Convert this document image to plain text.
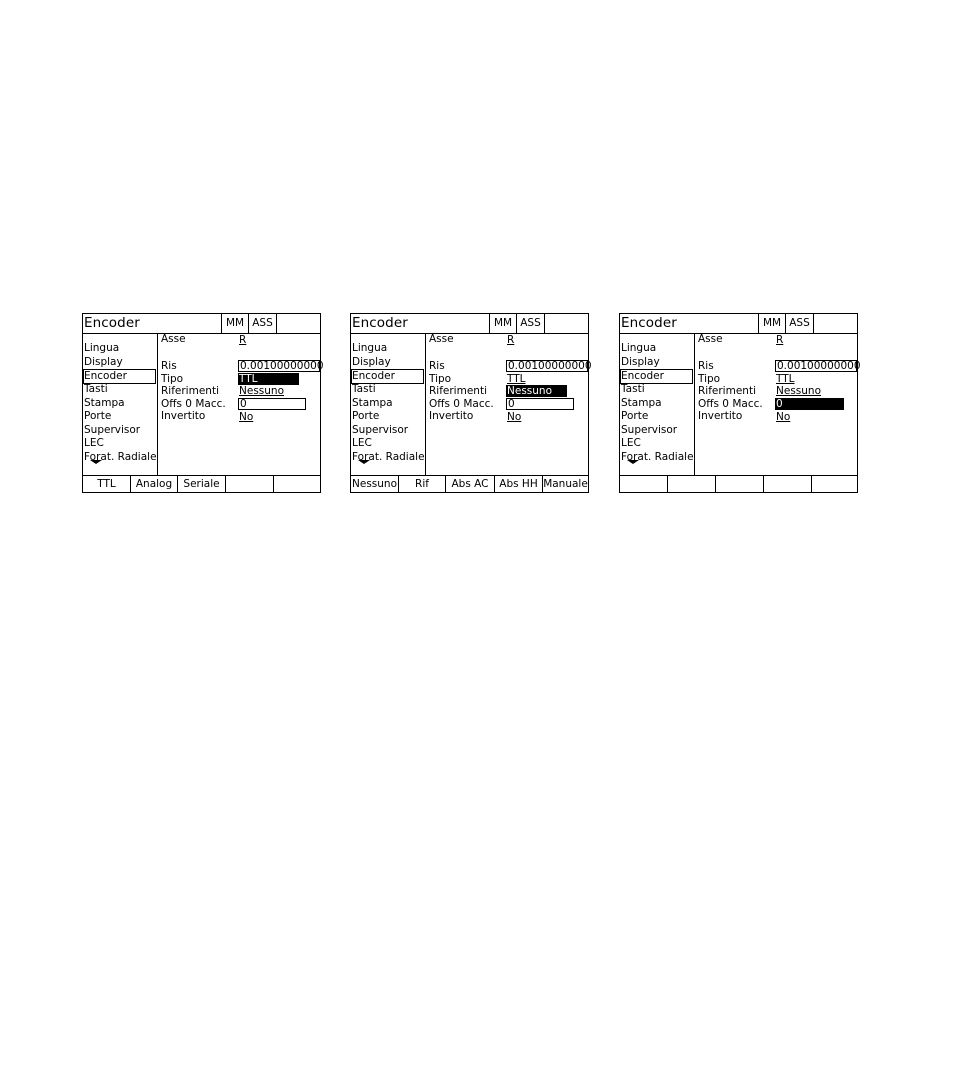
Encoder	MM ASS
Lingua
Display
Encoder
Tasti
Stampa
Porte
Supervisor
LEC
Forat. Radiale
Asse	R
Ris	0.00100000000
Tipo	TTL
Riferimenti Nessuno
Offs 0 Macc. 0
Invertito	No
TTL	Analog	Seriale
Encoder	MM ASS
Lingua
Display
Encoder
Tasti
Stampa
Porte
Supervisor
LEC
Forat. Radiale
Asse	R
Ris	0.00100000000
Tipo	TTL
Riferimenti Nessuno
Offs 0 Macc. 0
Invertito	No
Nessuno	Rif	Abs AC	Abs HH Manuale
Encoder	MM ASS
Lingua
Display
Encoder
Tasti
Stampa
Porte
Supervisor
LEC
Forat. Radiale
Asse	R
Ris	0.00100000000
Tipo	TTL
Riferimenti Nessuno
Offs 0 Macc. 0
Invertito	No
